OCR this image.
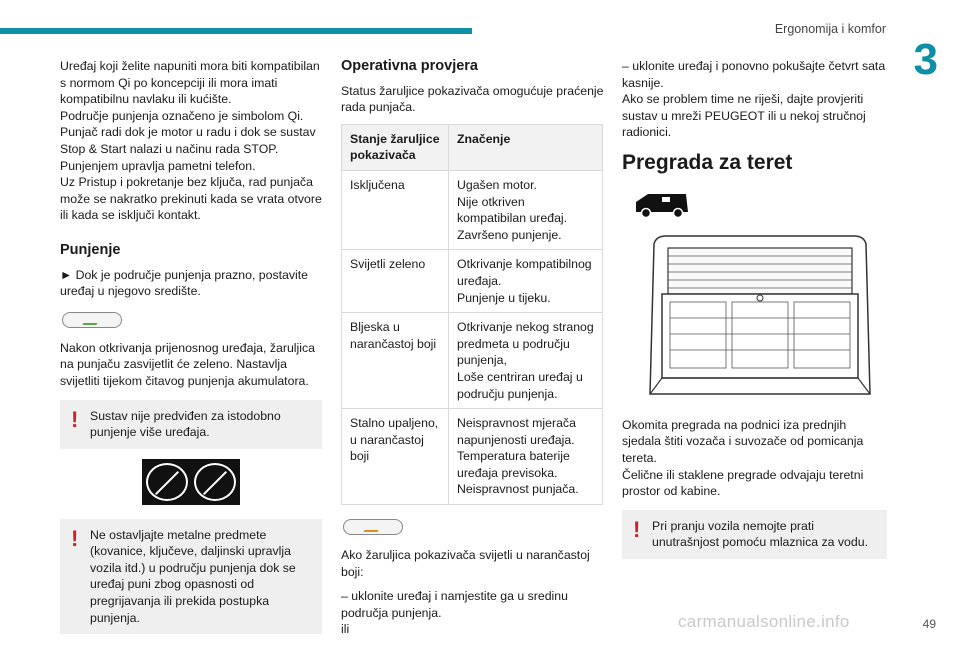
Ergonomija i komfor
3
49
carmanualsonline.info

Uređaj koji želite napuniti mora biti kompatibilan s normom Qi po koncepciji ili mora imati kompatibilnu navlaku ili kućište.
Područje punjenja označeno je simbolom Qi.
Punjač radi dok je motor u radu i dok se sustav Stop & Start nalazi u načinu rada STOP.
Punjenjem upravlja pametni telefon.
Uz Pristup i pokretanje bez ključa, rad punjača može se nakratko prekinuti kada se vrata otvore ili kada se isključi kontakt.

Punjenje

► Dok je područje punjenja prazno, postavite uređaj u njegovo središte.

Nakon otkrivanja prijenosnog uređaja, žaruljica na punjaču zasvijetlit će zeleno. Nastavlja svijetliti tijekom čitavog punjenja akumulatora.

! Sustav nije predviđen za istodobno punjenje više uređaja.
! Ne ostavljajte metalne predmete (kovanice, ključeve, daljinski upravlja vozila itd.) u području punjenja dok se uređaj puni zbog opasnosti od pregrijavanja ili prekida postupka punjenja.
Operativna provjera

Status žaruljice pokazivača omogućuje praćenje rada punjača.

Stanje žaruljice pokazivača	Značenje
Isključena	Ugašen motor.
Nije otkriven kompatibilan uređaj.
Završeno punjenje.
Svijetli zeleno	Otkrivanje kompatibilnog uređaja.
Punjenje u tijeku.
Bljeska u narančastoj boji	Otkrivanje nekog stranog predmeta u području punjenja,
Loše centriran uređaj u području punjenja.
Stalno upaljeno, u narančastoj boji	Neispravnost mjerača napunjenosti uređaja.
Temperatura baterije uređaja previsoka.
Neispravnost punjača.

Ako žaruljica pokazivača svijetli u narančastoj boji:

– uklonite uređaj i namjestite ga u sredinu područja punjenja.

ili

– uklonite uređaj i ponovno pokušajte četvrt sata kasnije.
Ako se problem time ne riješi, dajte provjeriti sustav u mreži PEUGEOT ili u nekoj stručnoj radionici.

Pregrada za teret

Okomita pregrada na podnici iza prednjih sjedala štiti vozača i suvozače od pomicanja tereta.
Čelične ili staklene pregrade odvajaju teretni prostor od kabine.

! Pri pranju vozila nemojte prati unutrašnjost pomoću mlaznica za vodu.
